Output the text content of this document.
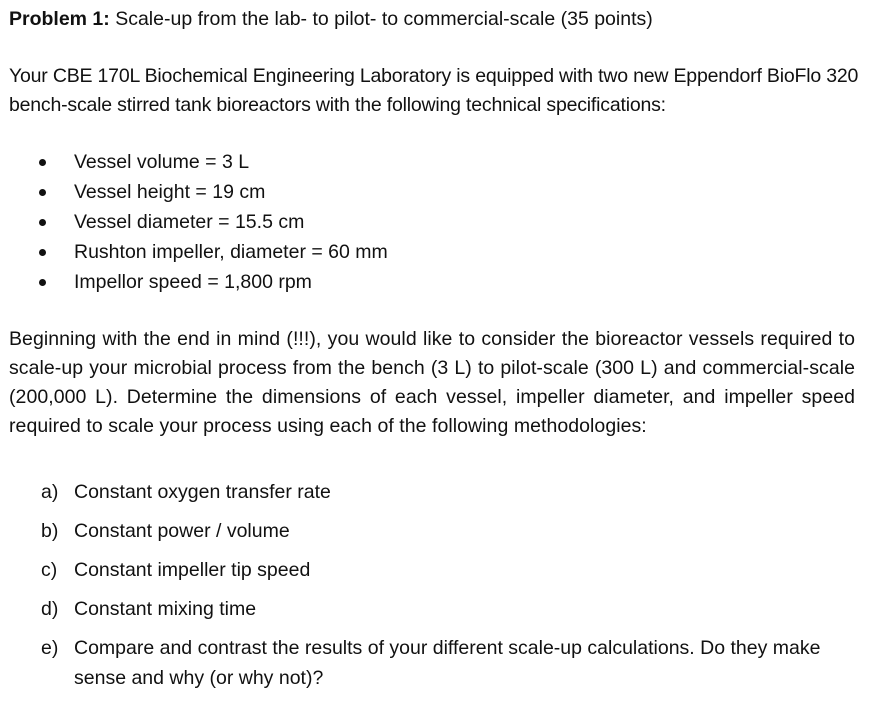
Problem 1: Scale-up from the lab- to pilot- to commercial-scale (35 points)
Your CBE 170L Biochemical Engineering Laboratory is equipped with two new Eppendorf BioFlo 320 bench-scale stirred tank bioreactors with the following technical specifications:
Vessel volume = 3 L
Vessel height = 19 cm
Vessel diameter = 15.5 cm
Rushton impeller, diameter = 60 mm
Impellor speed = 1,800 rpm
Beginning with the end in mind (!!!), you would like to consider the bioreactor vessels required to scale-up your microbial process from the bench (3 L) to pilot-scale (300 L) and commercial-scale (200,000 L). Determine the dimensions of each vessel, impeller diameter, and impeller speed required to scale your process using each of the following methodologies:
a) Constant oxygen transfer rate
b) Constant power / volume
c) Constant impeller tip speed
d) Constant mixing time
e) Compare and contrast the results of your different scale-up calculations. Do they make sense and why (or why not)?
